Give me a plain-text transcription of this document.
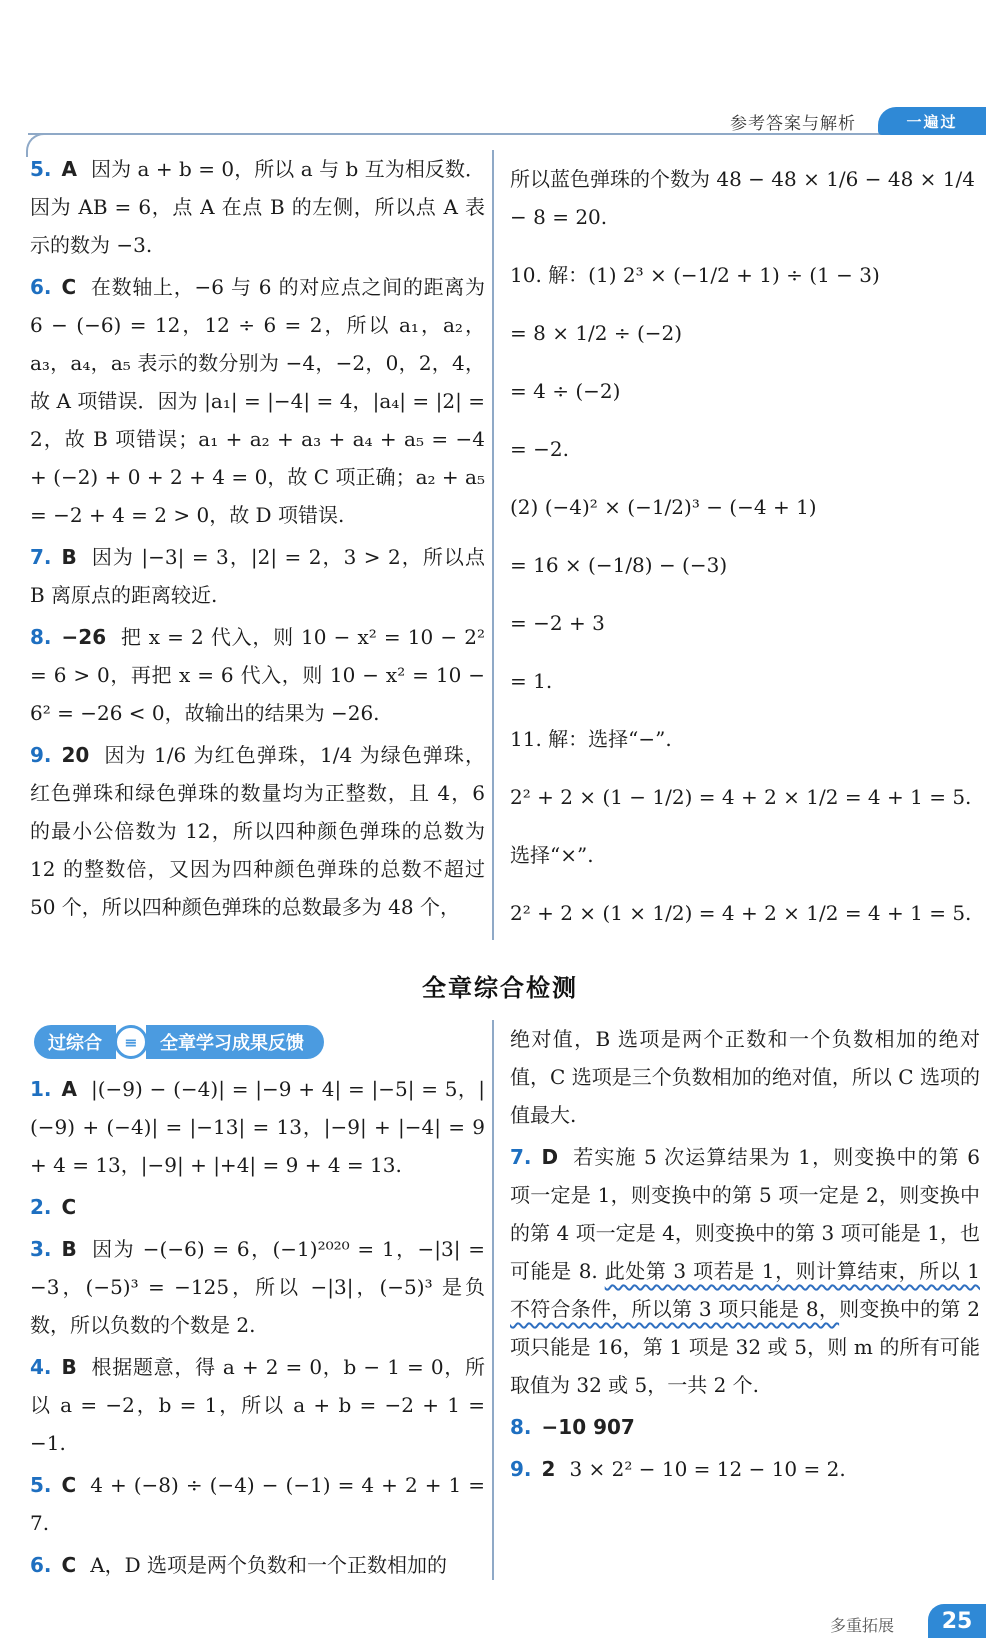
参考答案与解析	一遍过
5. A 因为 a + b = 0，所以 a 与 b 互为相反数．因为 AB = 6，点 A 在点 B 的左侧，所以点 A 表示的数为 −3.
6. C 在数轴上，−6 与 6 的对应点之间的距离为 6 − (−6) = 12，12 ÷ 6 = 2，所以 a₁，a₂，a₃，a₄，a₅ 表示的数分别为 −4，−2，0，2，4，故 A 项错误．因为 |a₁| = |−4| = 4，|a₄| = |2| = 2，故 B 项错误；a₁ + a₂ + a₃ + a₄ + a₅ = −4 + (−2) + 0 + 2 + 4 = 0，故 C 项正确；a₂ + a₅ = −2 + 4 = 2 > 0，故 D 项错误.
7. B 因为 |−3| = 3，|2| = 2，3 > 2，所以点 B 离原点的距离较近.
8. −26 把 x = 2 代入，则 10 − x² = 10 − 2² = 6 > 0，再把 x = 6 代入，则 10 − x² = 10 − 6² = −26 < 0，故输出的结果为 −26.
9. 20 因为 1/6 为红色弹珠，1/4 为绿色弹珠，红色弹珠和绿色弹珠的数量均为正整数，且 4，6 的最小公倍数为 12，所以四种颜色弹珠的总数为 12 的整数倍，又因为四种颜色弹珠的总数不超过 50 个，所以四种颜色弹珠的总数最多为 48 个，
所以蓝色弹珠的个数为 48 − 48 × 1/6 − 48 × 1/4 − 8 = 20.
10. 解：(1) 2³ × (−1/2 + 1) ÷ (1 − 3)
= 8 × 1/2 ÷ (−2)
= 4 ÷ (−2)
= −2.
(2) (−4)² × (−1/2)³ − (−4 + 1)
= 16 × (−1/8) − (−3)
= −2 + 3
= 1.
11. 解：选择“−”.
2² + 2 × (1 − 1/2) = 4 + 2 × 1/2 = 4 + 1 = 5.
选择“×”.
2² + 2 × (1 × 1/2) = 4 + 2 × 1/2 = 4 + 1 = 5.
全章综合检测
过综合	≡	全章学习成果反馈
1. A |(−9) − (−4)| = |−9 + 4| = |−5| = 5，|(−9) + (−4)| = |−13| = 13，|−9| + |−4| = 9 + 4 = 13，|−9| + |+4| = 9 + 4 = 13.
2. C
3. B 因为 −(−6) = 6，(−1)²⁰²⁰ = 1，−|3| = −3，(−5)³ = −125，所以 −|3|，(−5)³ 是负数，所以负数的个数是 2.
4. B 根据题意，得 a + 2 = 0，b − 1 = 0，所以 a = −2，b = 1，所以 a + b = −2 + 1 = −1.
5. C 4 + (−8) ÷ (−4) − (−1) = 4 + 2 + 1 = 7.
6. C A，D 选项是两个负数和一个正数相加的
绝对值，B 选项是两个正数和一个负数相加的绝对值，C 选项是三个负数相加的绝对值，所以 C 选项的值最大.
7. D 若实施 5 次运算结果为 1，则变换中的第 6 项一定是 1，则变换中的第 5 项一定是 2，则变换中的第 4 项一定是 4，则变换中的第 3 项可能是 1，也可能是 8. 此处第 3 项若是 1，则计算结束，所以 1 不符合条件，所以第 3 项只能是 8，则变换中的第 2 项只能是 16，第 1 项是 32 或 5，则 m 的所有可能取值为 32 或 5，一共 2 个.
8. −10 907
9. 2 3 × 2² − 10 = 12 − 10 = 2.
多重拓展	25
